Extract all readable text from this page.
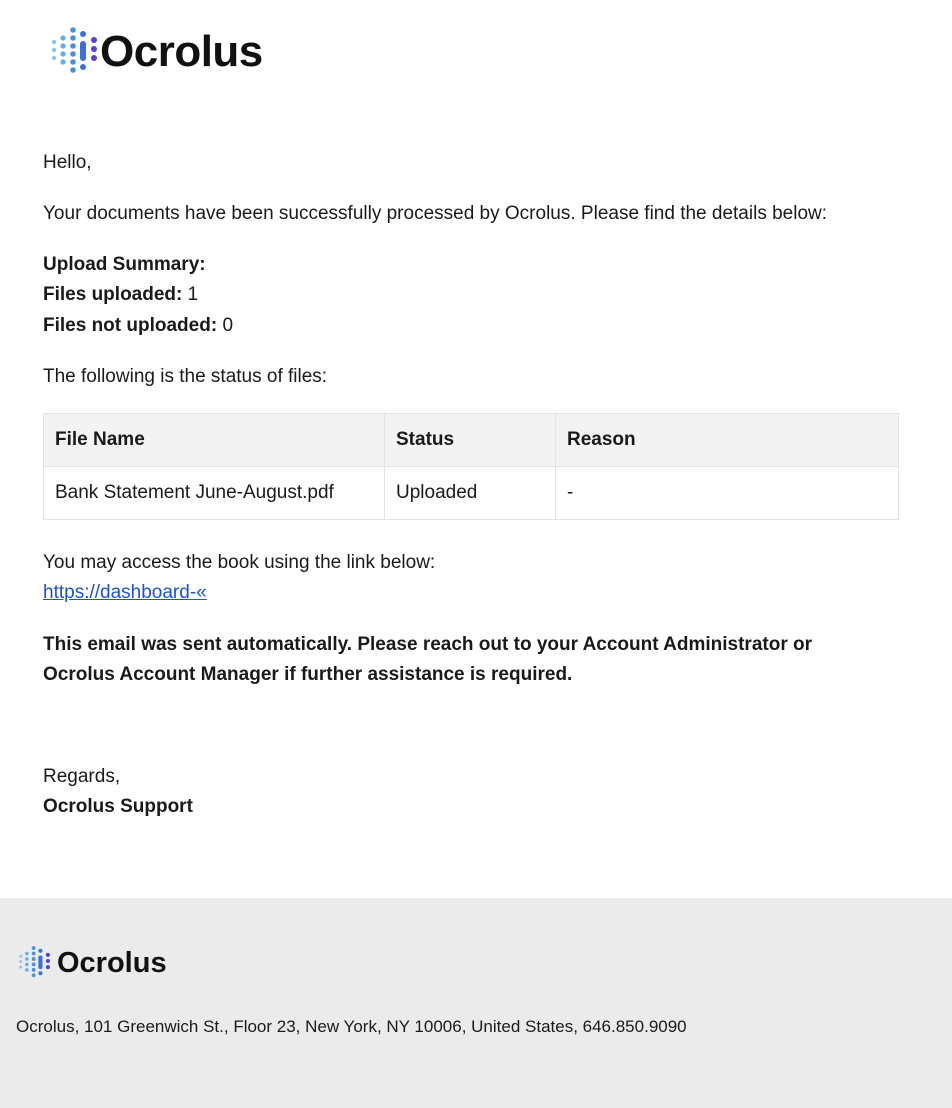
Ocrolus
Hello,
Your documents have been successfully processed by Ocrolus. Please find the details below:
Upload Summary:
Files uploaded: 1
Files not uploaded: 0
The following is the status of files:
File Name	Status	Reason
Bank Statement June-August.pdf	Uploaded	-
You may access the book using the link below:
https://dashboard-«
This email was sent automatically. Please reach out to your Account Administrator or
Ocrolus Account Manager if further assistance is required.
Regards,
Ocrolus Support
Ocrolus
Ocrolus, 101 Greenwich St., Floor 23, New York, NY 10006, United States, 646.850.9090
